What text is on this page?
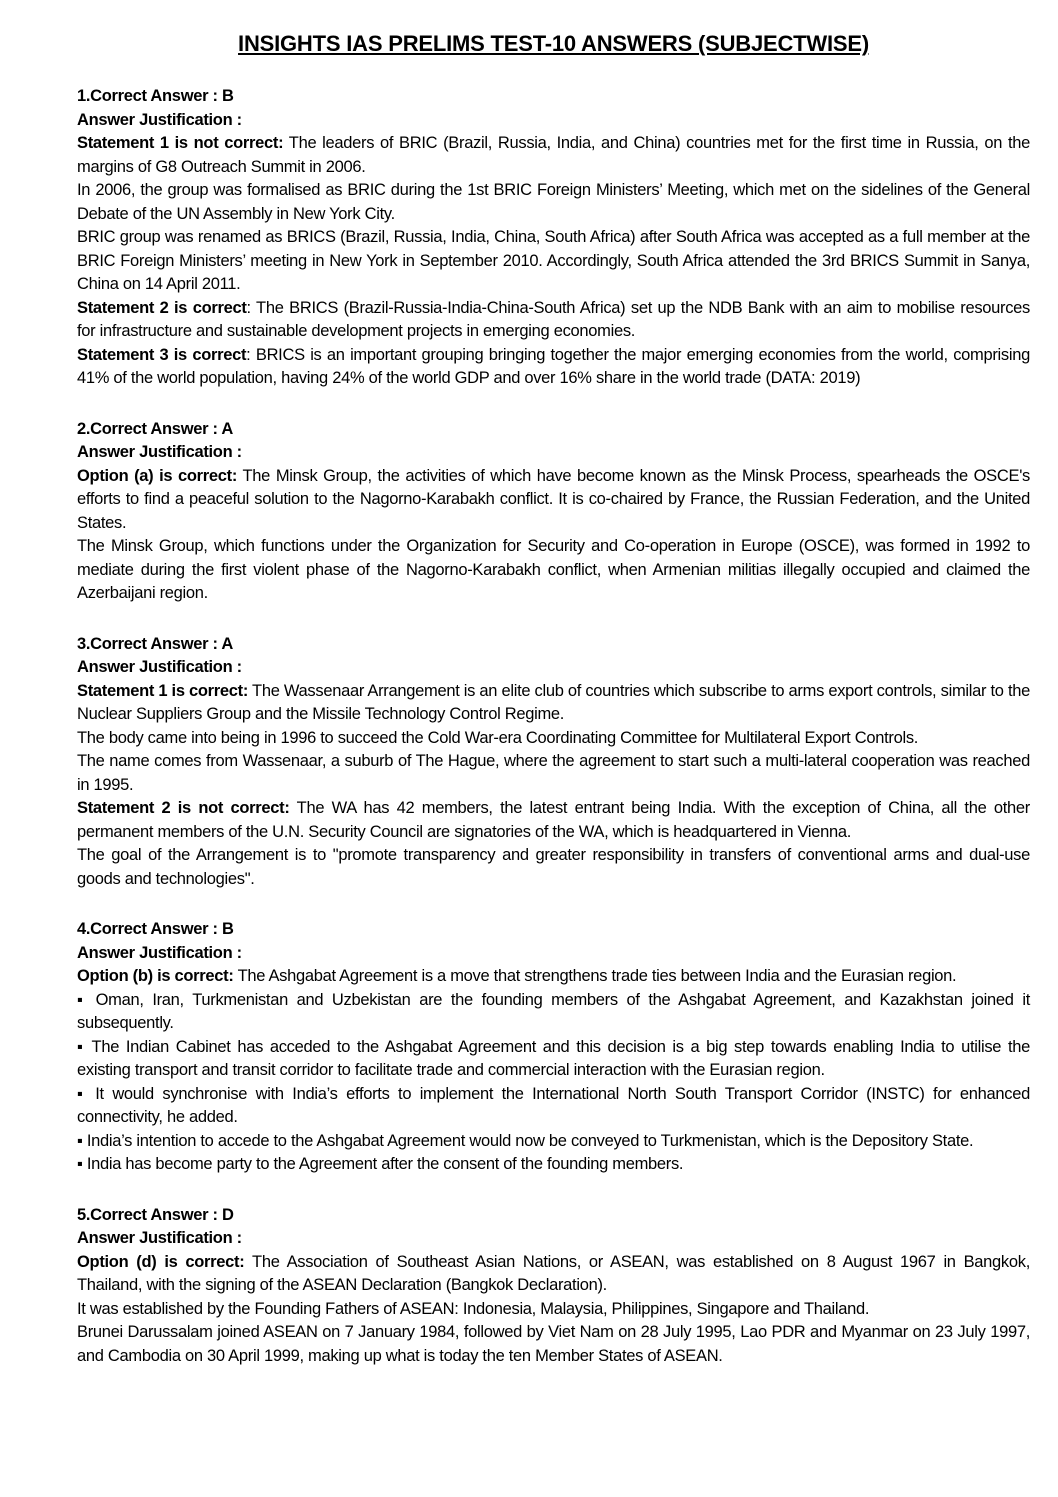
INSIGHTS IAS PRELIMS TEST-10 ANSWERS (SUBJECTWISE)

1.Correct Answer : B

Answer Justification :

Statement 1 is not correct: The leaders of BRIC (Brazil, Russia, India, and China) countries met for the first time in Russia, on the margins of G8 Outreach Summit in 2006.

In 2006, the group was formalised as BRIC during the 1st BRIC Foreign Ministers’ Meeting, which met on the sidelines of the General Debate of the UN Assembly in New York City.

BRIC group was renamed as BRICS (Brazil, Russia, India, China, South Africa) after South Africa was accepted as a full member at the BRIC Foreign Ministers’ meeting in New York in September 2010. Accordingly, South Africa attended the 3rd BRICS Summit in Sanya, China on 14 April 2011.

Statement 2 is correct: The BRICS (Brazil-Russia-India-China-South Africa) set up the NDB Bank with an aim to mobilise resources for infrastructure and sustainable development projects in emerging economies.

Statement 3 is correct: BRICS is an important grouping bringing together the major emerging economies from the world, comprising 41% of the world population, having 24% of the world GDP and over 16% share in the world trade (DATA: 2019)

2.Correct Answer : A

Answer Justification :

Option (a) is correct: The Minsk Group, the activities of which have become known as the Minsk Process, spearheads the OSCE's efforts to find a peaceful solution to the Nagorno-Karabakh conflict. It is co-chaired by France, the Russian Federation, and the United States.

The Minsk Group, which functions under the Organization for Security and Co-operation in Europe (OSCE), was formed in 1992 to mediate during the first violent phase of the Nagorno-Karabakh conflict, when Armenian militias illegally occupied and claimed the Azerbaijani region.

3.Correct Answer : A

Answer Justification :

Statement 1 is correct: The Wassenaar Arrangement is an elite club of countries which subscribe to arms export controls, similar to the Nuclear Suppliers Group and the Missile Technology Control Regime.

The body came into being in 1996 to succeed the Cold War-era Coordinating Committee for Multilateral Export Controls.

The name comes from Wassenaar, a suburb of The Hague, where the agreement to start such a multi-lateral cooperation was reached in 1995.

Statement 2 is not correct: The WA has 42 members, the latest entrant being India. With the exception of China, all the other permanent members of the U.N. Security Council are signatories of the WA, which is headquartered in Vienna.

The goal of the Arrangement is to "promote transparency and greater responsibility in transfers of conventional arms and dual-use goods and technologies".

4.Correct Answer : B

Answer Justification :

Option (b) is correct: The Ashgabat Agreement is a move that strengthens trade ties between India and the Eurasian region.

▪ Oman, Iran, Turkmenistan and Uzbekistan are the founding members of the Ashgabat Agreement, and Kazakhstan joined it subsequently.

▪ The Indian Cabinet has acceded to the Ashgabat Agreement and this decision is a big step towards enabling India to utilise the existing transport and transit corridor to facilitate trade and commercial interaction with the Eurasian region.

▪ It would synchronise with India’s efforts to implement the International North South Transport Corridor (INSTC) for enhanced connectivity, he added.

▪ India’s intention to accede to the Ashgabat Agreement would now be conveyed to Turkmenistan, which is the Depository State.

▪ India has become party to the Agreement after the consent of the founding members.

5.Correct Answer : D

Answer Justification :

Option (d) is correct: The Association of Southeast Asian Nations, or ASEAN, was established on 8 August 1967 in Bangkok, Thailand, with the signing of the ASEAN Declaration (Bangkok Declaration).

It was established by the Founding Fathers of ASEAN: Indonesia, Malaysia, Philippines, Singapore and Thailand.

Brunei Darussalam joined ASEAN on 7 January 1984, followed by Viet Nam on 28 July 1995, Lao PDR and Myanmar on 23 July 1997, and Cambodia on 30 April 1999, making up what is today the ten Member States of ASEAN.
